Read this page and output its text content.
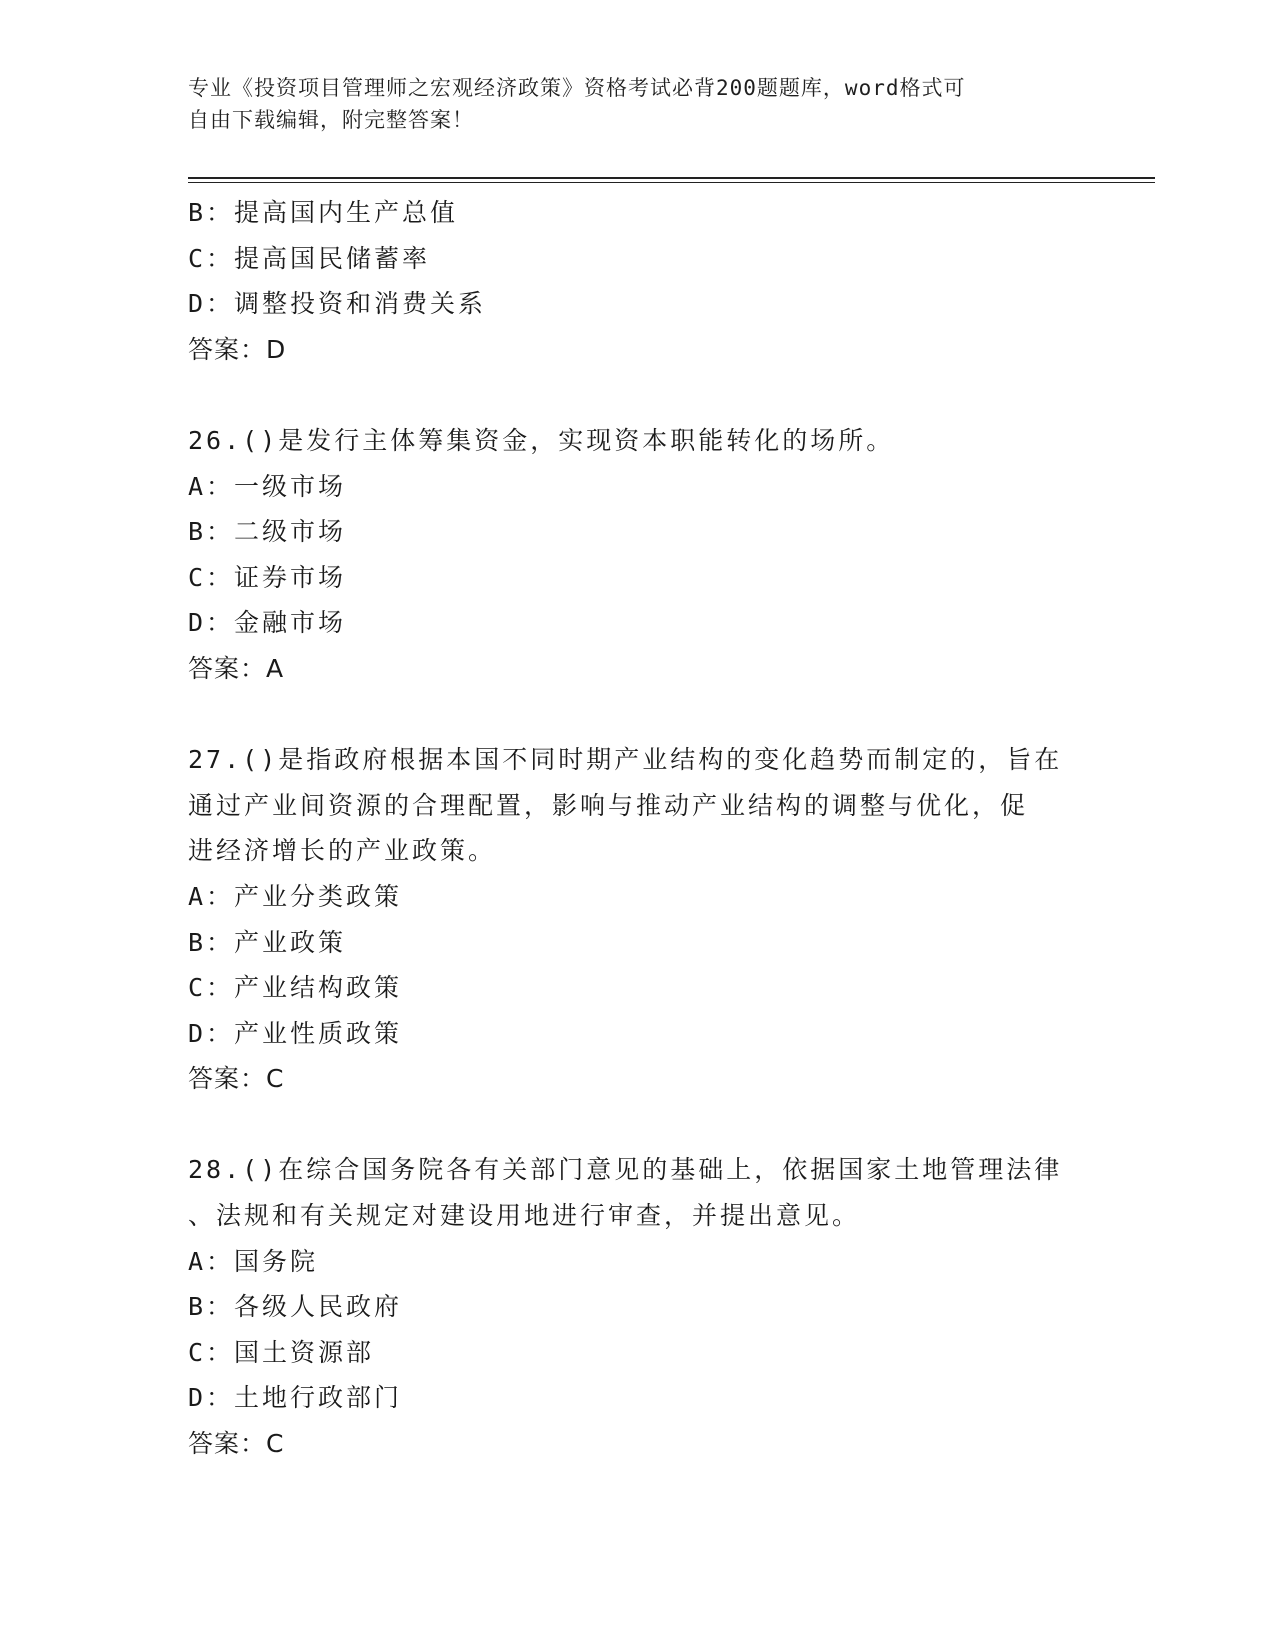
专业《投资项目管理师之宏观经济政策》资格考试必背200题题库，word格式可
自由下载编辑，附完整答案！
B：提高国内生产总值
C：提高国民储蓄率
D：调整投资和消费关系
答案：D
26.()是发行主体筹集资金，实现资本职能转化的场所。
A：一级市场
B：二级市场
C：证券市场
D：金融市场
答案：A
27.()是指政府根据本国不同时期产业结构的变化趋势而制定的，旨在
通过产业间资源的合理配置，影响与推动产业结构的调整与优化，促
进经济增长的产业政策。
A：产业分类政策
B：产业政策
C：产业结构政策
D：产业性质政策
答案：C
28.()在综合国务院各有关部门意见的基础上，依据国家土地管理法律
、法规和有关规定对建设用地进行审查，并提出意见。
A：国务院
B：各级人民政府
C：国土资源部
D：土地行政部门
答案：C
